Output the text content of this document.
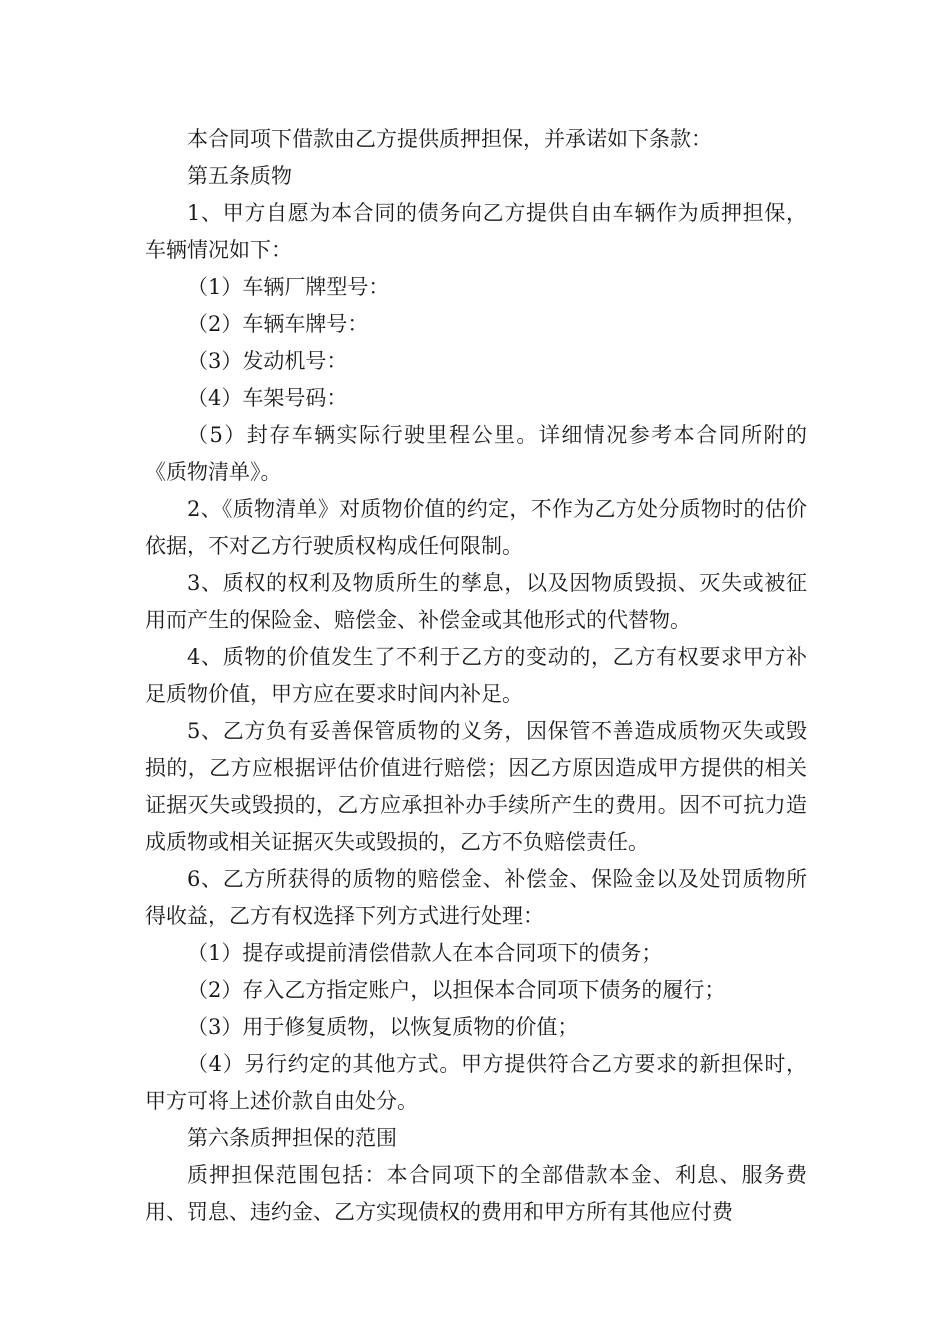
本合同项下借款由乙方提供质押担保，并承诺如下条款：

第五条质物

1、甲方自愿为本合同的债务向乙方提供自由车辆作为质押担保，车辆情况如下：

（1）车辆厂牌型号：

（2）车辆车牌号：

（3）发动机号：

（4）车架号码：

（5）封存车辆实际行驶里程公里。详细情况参考本合同所附的《质物清单》。

2、《质物清单》对质物价值的约定，不作为乙方处分质物时的估价依据，不对乙方行驶质权构成任何限制。

3、质权的权利及物质所生的孳息，以及因物质毁损、灭失或被征用而产生的保险金、赔偿金、补偿金或其他形式的代替物。

4、质物的价值发生了不利于乙方的变动的，乙方有权要求甲方补足质物价值，甲方应在要求时间内补足。

5、乙方负有妥善保管质物的义务，因保管不善造成质物灭失或毁损的，乙方应根据评估价值进行赔偿；因乙方原因造成甲方提供的相关证据灭失或毁损的，乙方应承担补办手续所产生的费用。因不可抗力造成质物或相关证据灭失或毁损的，乙方不负赔偿责任。

6、乙方所获得的质物的赔偿金、补偿金、保险金以及处罚质物所得收益，乙方有权选择下列方式进行处理：

（1）提存或提前清偿借款人在本合同项下的债务；

（2）存入乙方指定账户，以担保本合同项下债务的履行；

（3）用于修复质物，以恢复质物的价值；

（4）另行约定的其他方式。甲方提供符合乙方要求的新担保时，甲方可将上述价款自由处分。

第六条质押担保的范围

质押担保范围包括：本合同项下的全部借款本金、利息、服务费用、罚息、违约金、乙方实现债权的费用和甲方所有其他应付费
